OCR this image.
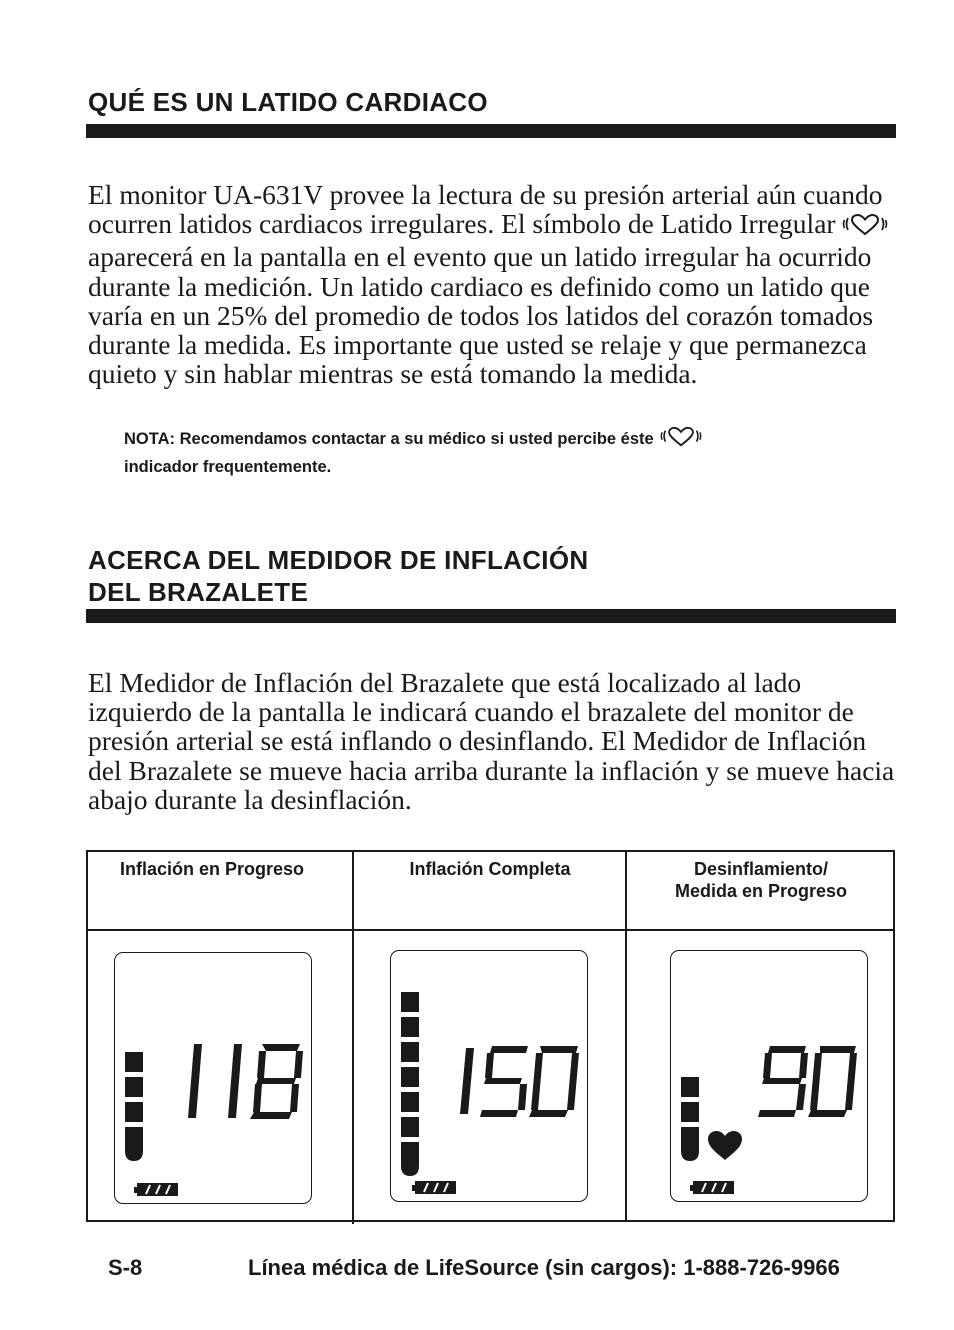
QUÉ ES UN LATIDO CARDIACO
El monitor UA-631V provee la lectura de su presión arterial aún cuando ocurren latidos cardiacos irregulares. El símbolo de Latido Irregular  aparecerá en la pantalla en el evento que un latido irregular ha ocurrido durante la medición. Un latido cardiaco es definido como un latido que varía en un 25% del promedio de todos los latidos del corazón tomados durante la medida. Es importante que usted se relaje y que permanezca quieto y sin hablar mientras se está tomando la medida.
NOTA: Recomendamos contactar a su médico si usted percibe éste
indicador frequentemente.
ACERCA DEL MEDIDOR DE INFLACIÓN
DEL BRAZALETE
El Medidor de Inflación del Brazalete que está localizado al lado izquierdo de la pantalla le indicará cuando el brazalete del monitor de presión arterial se está inflando o desinflando. El Medidor de Inflación del Brazalete se mueve hacia arriba durante la inflación y se mueve hacia abajo durante la desinflación.
Inflación en Progreso	Inflación Completa	Desinflamiento/
Medida en Progreso
S-8	Línea médica de LifeSource (sin cargos): 1-888-726-9966
